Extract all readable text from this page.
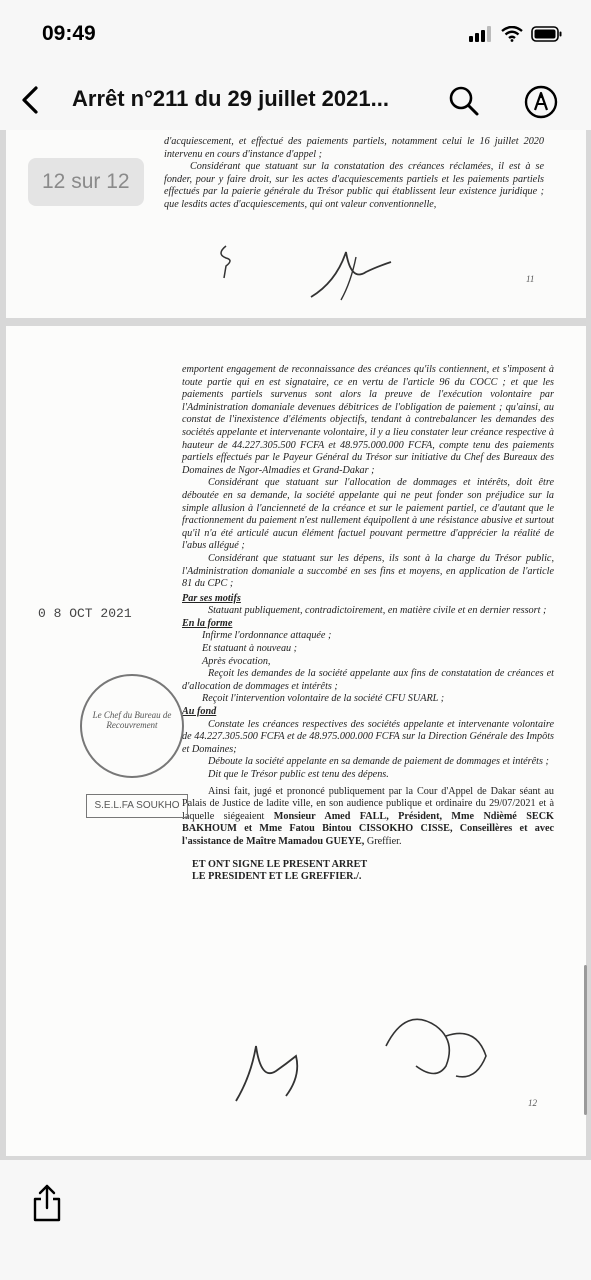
09:49
Arrêt n°211 du 29 juillet 2021...
12 sur 12

d'acquiescement, et effectué des paiements partiels, notamment celui le 16 juillet 2020 intervenu en cours d'instance d'appel ;

Considérant que statuant sur la constatation des créances réclamées, il est à se fonder, pour y faire droit, sur les actes d'acquiescements partiels et les paiements partiels effectués par la paierie générale du Trésor public qui établissent leur existence juridique ; que lesdits actes d'acquiescements, qui ont valeur conventionnelle,

11

emportent engagement de reconnaissance des créances qu'ils contiennent, et s'imposent à toute partie qui en est signataire, ce en vertu de l'article 96 du COCC ; et que les paiements partiels survenus sont alors la preuve de l'exécution volontaire par l'Administration domaniale devenues débitrices de l'obligation de paiement ; qu'ainsi, au constat de l'inexistence d'éléments objectifs, tendant à contrebalancer les demandes des sociétés appelante et intervenante volontaire, il y a lieu constater leur créance respective à hauteur de 44.227.305.500 FCFA et 48.975.000.000 FCFA, compte tenu des paiements partiels effectués par le Payeur Général du Trésor sur initiative du Chef des Bureaux des Domaines de Ngor-Almadies et Grand-Dakar ;

Considérant que statuant sur l'allocation de dommages et intérêts, doit être déboutée en sa demande, la société appelante qui ne peut fonder son préjudice sur la simple allusion à l'ancienneté de la créance et sur le paiement partiel, ce d'autant que le fractionnement du paiement n'est nullement équipollent à une résistance abusive et surtout qu'il n'a été articulé aucun élément factuel pouvant permettre d'apprécier la réalité de l'abus allégué ;

Considérant que statuant sur les dépens, ils sont à la charge du Trésor public, l'Administration domaniale a succombé en ses fins et moyens, en application de l'article 81 du CPC ;

Par ses motifs

Statuant publiquement, contradictoirement, en matière civile et en dernier ressort ;

En la forme

Infirme l'ordonnance attaquée ;

Et statuant à nouveau ;

Après évocation,

Reçoit les demandes de la société appelante aux fins de constatation de créances et d'allocation de dommages et intérêts ;

Reçoit l'intervention volontaire de la société CFU SUARL ;

Au fond

Constate les créances respectives des sociétés appelante et intervenante volontaire de 44.227.305.500 FCFA et de 48.975.000.000 FCFA sur la Direction Générale des Impôts et Domaines;

Déboute la société appelante en sa demande de paiement de dommages et intérêts ;

Dit que le Trésor public est tenu des dépens.

Ainsi fait, jugé et prononcé publiquement par la Cour d'Appel de Dakar séant au Palais de Justice de ladite ville, en son audience publique et ordinaire du 29/07/2021 et à laquelle siégeaient Monsieur Amed FALL, Président, Mme Ndièmé SECK BAKHOUM et Mme Fatou Bintou CISSOKHO CISSE, Conseillères et avec l'assistance de Maître Mamadou GUEYE, Greffier.

ET ONT SIGNE LE PRESENT ARRET

LE PRESIDENT ET LE GREFFIER./.

0 8 OCT 2021
Le Chef du Bureau de Recouvrement
S.E.L.FA SOUKHO
12
